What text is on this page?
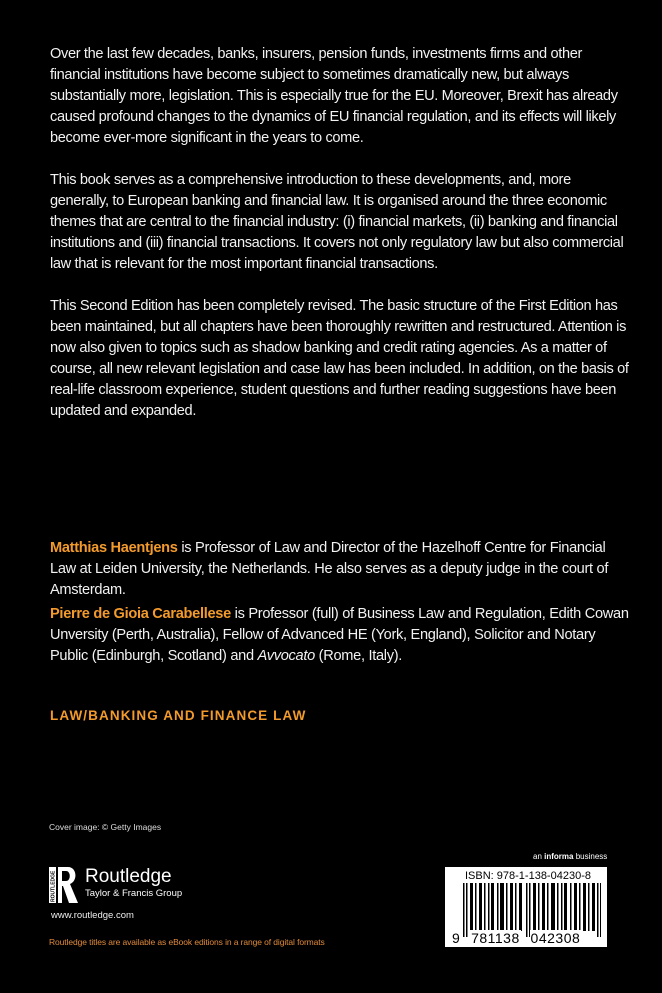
Over the last few decades, banks, insurers, pension funds, investments firms and other financial institutions have become subject to sometimes dramatically new, but always substantially more, legislation. This is especially true for the EU. Moreover, Brexit has already caused profound changes to the dynamics of EU financial regulation, and its effects will likely become ever-more significant in the years to come.

This book serves as a comprehensive introduction to these developments, and, more generally, to European banking and financial law. It is organised around the three economic themes that are central to the financial industry: (i) financial markets, (ii) banking and financial institutions and (iii) financial transactions. It covers not only regulatory law but also commercial law that is relevant for the most important financial transactions.

This Second Edition has been completely revised. The basic structure of the First Edition has been maintained, but all chapters have been thoroughly rewritten and restructured. Attention is now also given to topics such as shadow banking and credit rating agencies. As a matter of course, all new relevant legislation and case law has been included. In addition, on the basis of real-life classroom experience, student questions and further reading suggestions have been updated and expanded.

Matthias Haentjens is Professor of Law and Director of the Hazelhoff Centre for Financial Law at Leiden University, the Netherlands. He also serves as a deputy judge in the court of Amsterdam.
Pierre de Gioia Carabellese is Professor (full) of Business Law and Regulation, Edith Cowan Unversity (Perth, Australia), Fellow of Advanced HE (York, England), Solicitor and Notary Public (Edinburgh, Scotland) and Avvocato (Rome, Italy).
LAW/BANKING AND FINANCE LAW
Cover image: © Getty Images
ROUTLEDGE Routledge
Taylor & Francis Group
www.routledge.com
Routledge titles are available as eBook editions in a range of digital formats
an informa business
ISBN: 978-1-138-04230-8
9 781138 042308
